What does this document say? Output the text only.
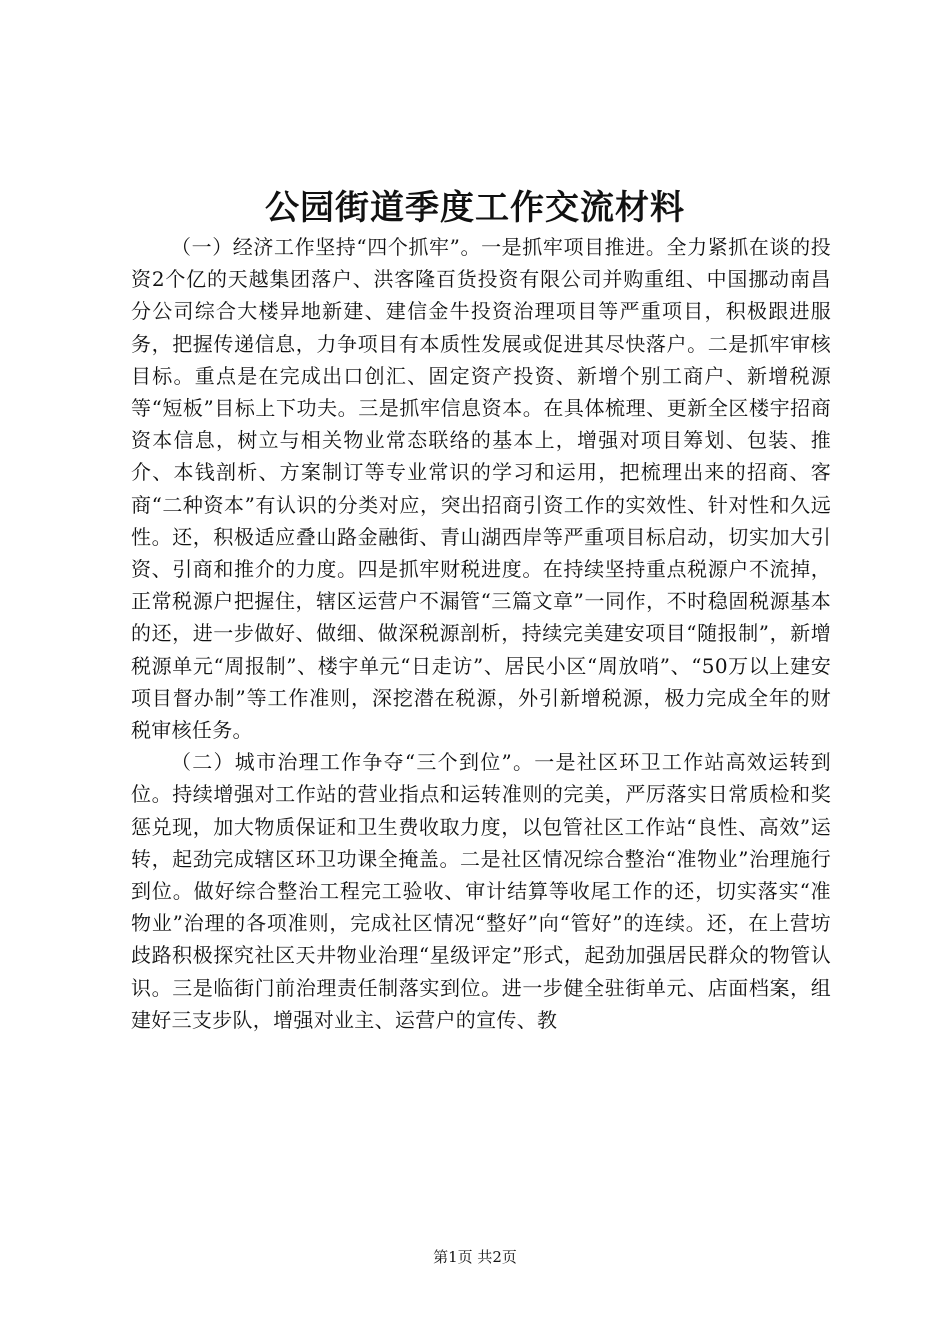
公园街道季度工作交流材料

（一）经济工作坚持“四个抓牢”。一是抓牢项目推进。全力紧抓在谈的投资2个亿的天越集团落户、洪客隆百货投资有限公司并购重组、中国挪动南昌分公司综合大楼异地新建、建信金牛投资治理项目等严重项目，积极跟进服务，把握传递信息，力争项目有本质性发展或促进其尽快落户。二是抓牢审核目标。重点是在完成出口创汇、固定资产投资、新增个别工商户、新增税源等“短板”目标上下功夫。三是抓牢信息资本。在具体梳理、更新全区楼宇招商资本信息，树立与相关物业常态联络的基本上，增强对项目筹划、包装、推介、本钱剖析、方案制订等专业常识的学习和运用，把梳理出来的招商、客商“二种资本”有认识的分类对应，突出招商引资工作的实效性、针对性和久远性。还，积极适应叠山路金融街、青山湖西岸等严重项目标启动，切实加大引资、引商和推介的力度。四是抓牢财税进度。在持续坚持重点税源户不流掉，正常税源户把握住，辖区运营户不漏管“三篇文章”一同作，不时稳固税源基本的还，进一步做好、做细、做深税源剖析，持续完美建安项目“随报制”，新增税源单元“周报制”、楼宇单元“日走访”、居民小区“周放哨”、“50万以上建安项目督办制”等工作准则，深挖潜在税源，外引新增税源，极力完成全年的财税审核任务。

（二）城市治理工作争夺“三个到位”。一是社区环卫工作站高效运转到位。持续增强对工作站的营业指点和运转准则的完美，严厉落实日常质检和奖惩兑现，加大物质保证和卫生费收取力度，以包管社区工作站“良性、高效”运转，起劲完成辖区环卫功课全掩盖。二是社区情况综合整治“准物业”治理施行到位。做好综合整治工程完工验收、审计结算等收尾工作的还，切实落实“准物业”治理的各项准则，完成社区情况“整好”向“管好”的连续。还，在上营坊歧路积极探究社区天井物业治理“星级评定”形式，起劲加强居民群众的物管认识。三是临街门前治理责任制落实到位。进一步健全驻街单元、店面档案，组建好三支步队，增强对业主、运营户的宣传、教

第1页 共2页
